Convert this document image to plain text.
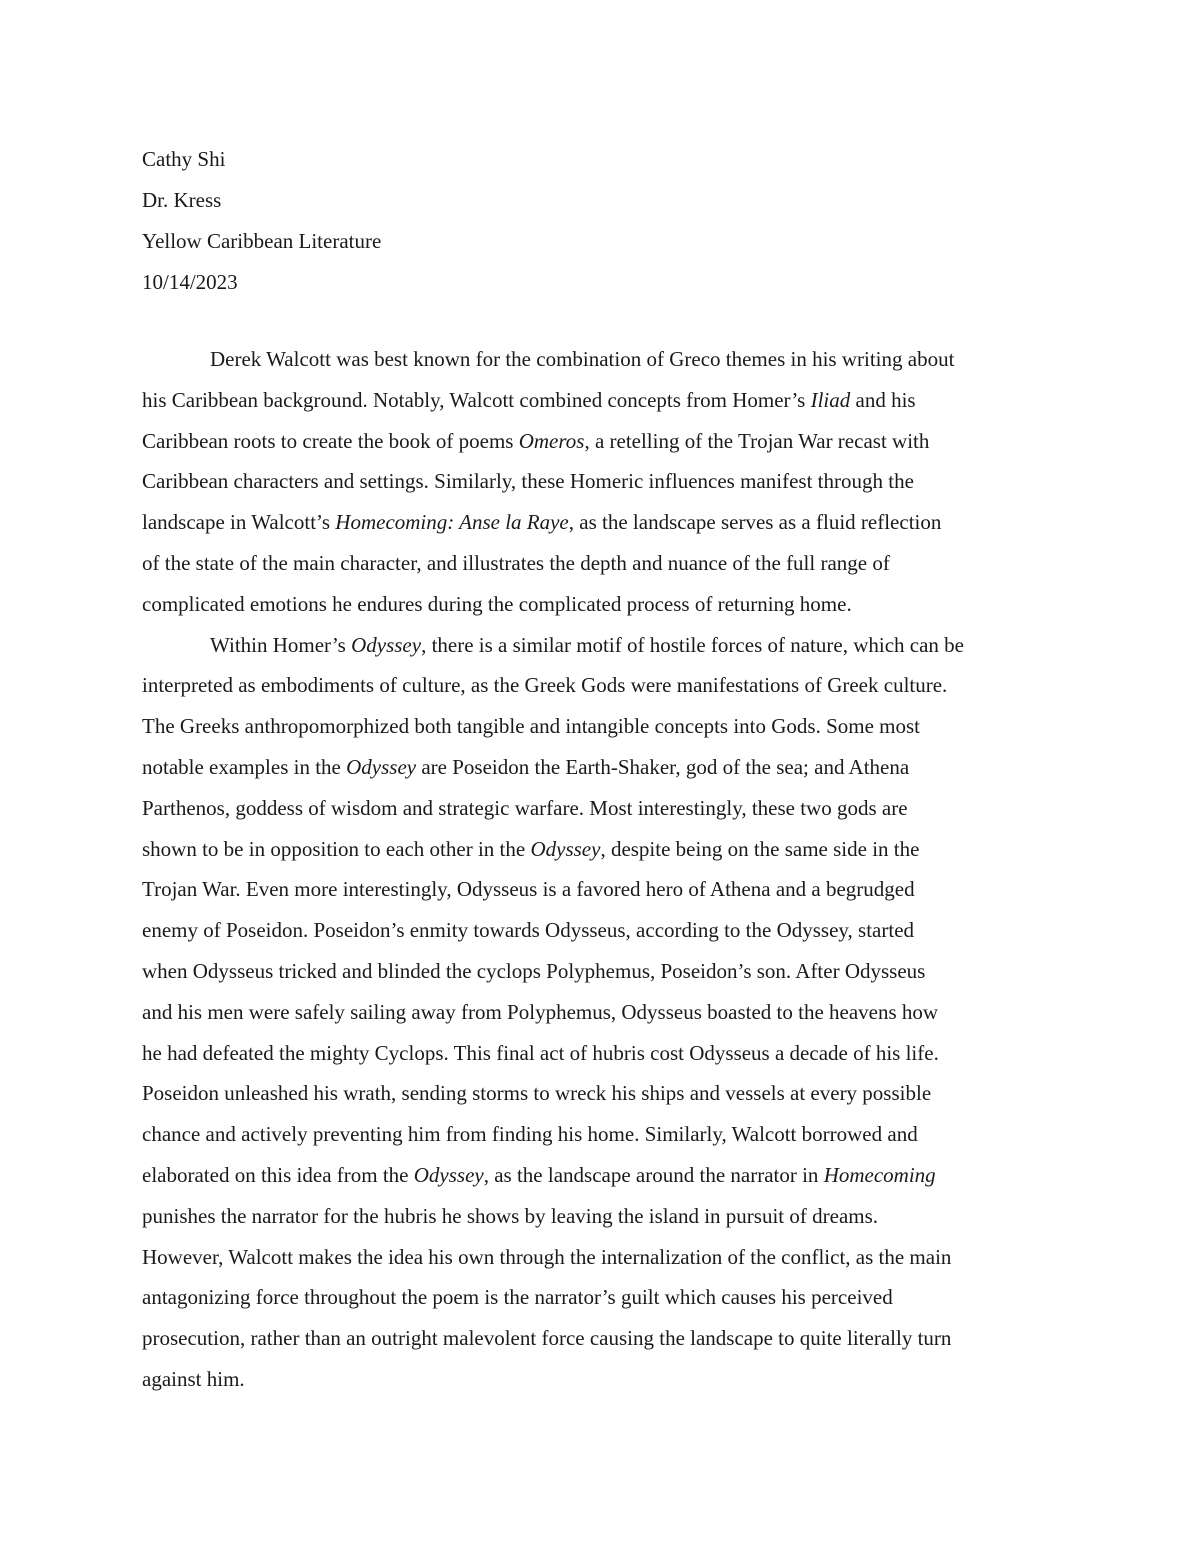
Cathy Shi
Dr. Kress
Yellow Caribbean Literature
10/14/2023
Derek Walcott was best known for the combination of Greco themes in his writing about
his Caribbean background. Notably, Walcott combined concepts from Homer’s Iliad and his
Caribbean roots to create the book of poems Omeros, a retelling of the Trojan War recast with
Caribbean characters and settings. Similarly, these Homeric influences manifest through the
landscape in Walcott’s Homecoming: Anse la Raye, as the landscape serves as a fluid reflection
of the state of the main character, and illustrates the depth and nuance of the full range of
complicated emotions he endures during the complicated process of returning home.
Within Homer’s Odyssey, there is a similar motif of hostile forces of nature, which can be
interpreted as embodiments of culture, as the Greek Gods were manifestations of Greek culture.
The Greeks anthropomorphized both tangible and intangible concepts into Gods. Some most
notable examples in the Odyssey are Poseidon the Earth-Shaker, god of the sea; and Athena
Parthenos, goddess of wisdom and strategic warfare. Most interestingly, these two gods are
shown to be in opposition to each other in the Odyssey, despite being on the same side in the
Trojan War. Even more interestingly, Odysseus is a favored hero of Athena and a begrudged
enemy of Poseidon. Poseidon’s enmity towards Odysseus, according to the Odyssey, started
when Odysseus tricked and blinded the cyclops Polyphemus, Poseidon’s son. After Odysseus
and his men were safely sailing away from Polyphemus, Odysseus boasted to the heavens how
he had defeated the mighty Cyclops. This final act of hubris cost Odysseus a decade of his life.
Poseidon unleashed his wrath, sending storms to wreck his ships and vessels at every possible
chance and actively preventing him from finding his home. Similarly, Walcott borrowed and
elaborated on this idea from the Odyssey, as the landscape around the narrator in Homecoming
punishes the narrator for the hubris he shows by leaving the island in pursuit of dreams.
However, Walcott makes the idea his own through the internalization of the conflict, as the main
antagonizing force throughout the poem is the narrator’s guilt which causes his perceived
prosecution, rather than an outright malevolent force causing the landscape to quite literally turn
against him.
